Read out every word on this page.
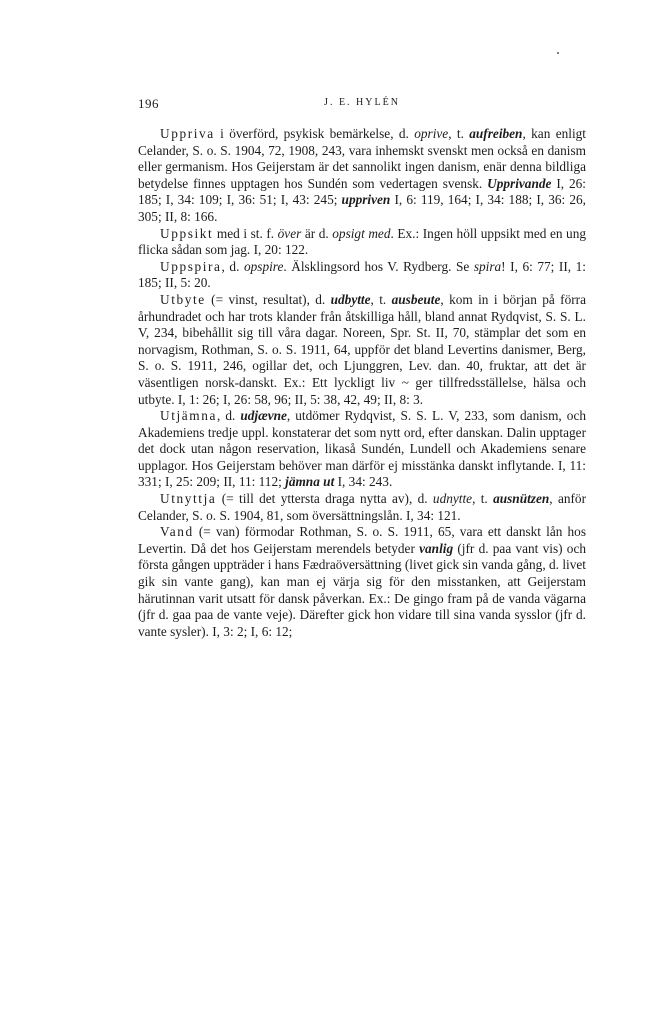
196	J. E. HYLÉN

Uppriva i överförd, psykisk bemärkelse, d. oprive, t. aufreiben, kan enligt Celander, S. o. S. 1904, 72, 1908, 243, vara inhemskt svenskt men också en danism eller germanism. Hos Geijerstam är det sannolikt ingen danism, enär denna bildliga betydelse finnes upptagen hos Sundén som vedertagen svensk. Upprivande I, 26: 185; I, 34: 109; I, 36: 51; I, 43: 245; uppriven I, 6: 119, 164; I, 34: 188; I, 36: 26, 305; II, 8: 166.

Uppsikt med i st. f. över är d. opsigt med. Ex.: Ingen höll uppsikt med en ung flicka sådan som jag. I, 20: 122.

Uppspira, d. opspire. Älsklingsord hos V. Rydberg. Se spira! I, 6: 77; II, 1: 185; II, 5: 20.

Utbyte (= vinst, resultat), d. udbytte, t. ausbeute, kom in i början på förra århundradet och har trots klander från åtskilliga håll, bland annat Rydqvist, S. S. L. V, 234, bibehållit sig till våra dagar. Noreen, Spr. St. II, 70, stämplar det som en norvagism, Rothman, S. o. S. 1911, 64, uppför det bland Levertins danismer, Berg, S. o. S. 1911, 246, ogillar det, och Ljunggren, Lev. dan. 40, fruktar, att det är väsentligen norsk-danskt. Ex.: Ett lyckligt liv ~ ger tillfredsställelse, hälsa och utbyte. I, 1: 26; I, 26: 58, 96; II, 5: 38, 42, 49; II, 8: 3.

Utjämna, d. udjævne, utdömer Rydqvist, S. S. L. V, 233, som danism, och Akademiens tredje uppl. konstaterar det som nytt ord, efter danskan. Dalin upptager det dock utan någon reservation, likaså Sundén, Lundell och Akademiens senare upplagor. Hos Geijerstam behöver man därför ej misstänka danskt inflytande. I, 11: 331; I, 25: 209; II, 11: 112; jämna ut I, 34: 243.

Utnyttja (= till det yttersta draga nytta av), d. udnytte, t. ausnützen, anför Celander, S. o. S. 1904, 81, som översättningslån. I, 34: 121.

Vand (= van) förmodar Rothman, S. o. S. 1911, 65, vara ett danskt lån hos Levertin. Då det hos Geijerstam merendels betyder vanlig (jfr d. paa vant vis) och första gången uppträder i hans Fædraöversättning (livet gick sin vanda gång, d. livet gik sin vante gang), kan man ej värja sig för den misstanken, att Geijerstam härutinnan varit utsatt för dansk påverkan. Ex.: De gingo fram på de vanda vägarna (jfr d. gaa paa de vante veje). Därefter gick hon vidare till sina vanda sysslor (jfr d. vante sysler). I, 3: 2; I, 6: 12;
